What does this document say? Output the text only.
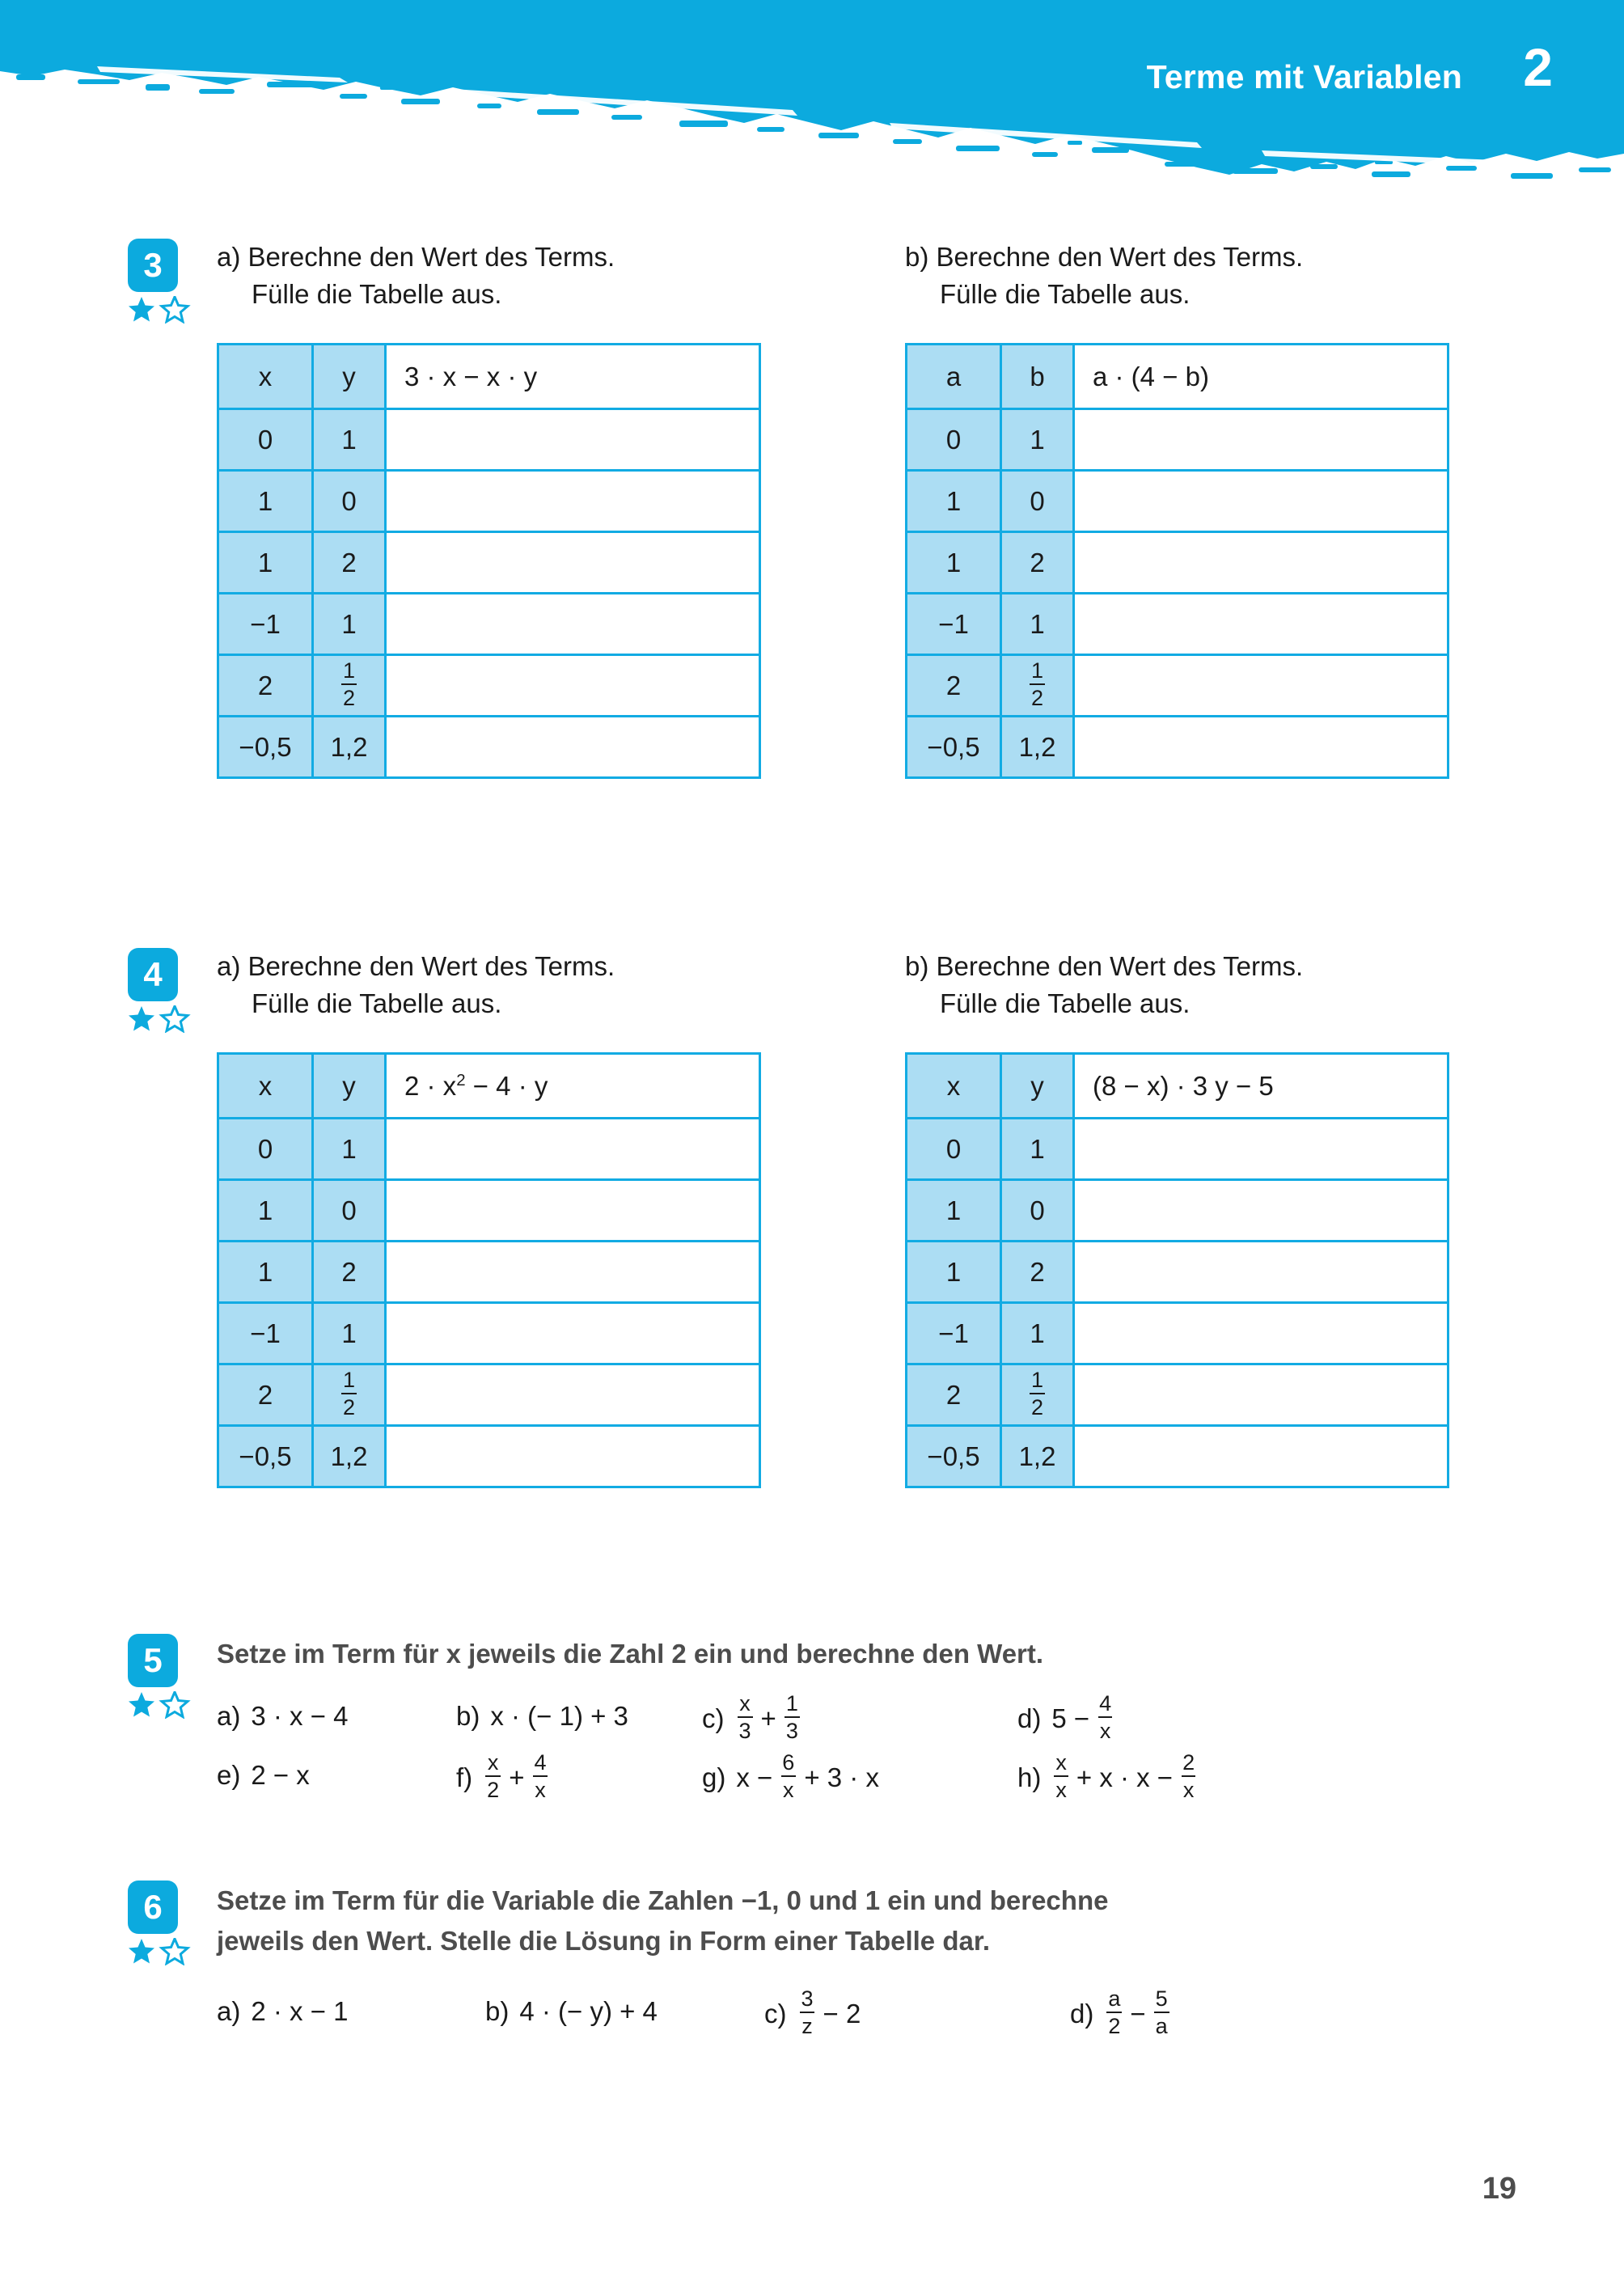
Terme mit Variablen 2
3	a) Berechne den Wert des Terms.
Fülle die Tabelle aus.
x	y	3 · x − x · y
0	1	
1	0	
1	2	
−1	1	
2	$\frac{1}{2}$

−0,5	1,2	
b) Berechne den Wert des Terms.
Fülle die Tabelle aus.
a	b	a · (4 − b)
0	1	
1	0	
1	2	
−1	1	
2	$\frac{1}{2}$

−0,5	1,2	
4	a) Berechne den Wert des Terms.
Fülle die Tabelle aus.
x	y	$2 \cdot x^2 - 4 \cdot y$
0	1	
1	0	
1	2	
−1	1	
2	$\frac{1}{2}$

−0,5	1,2	
b) Berechne den Wert des Terms.
Fülle die Tabelle aus.
x	y	(8 − x) · 3 y − 5
0	1	
1	0	
1	2	
−1	1	
2	$\frac{1}{2}$

−0,5	1,2	
5	Setze im Term für x jeweils die Zahl 2 ein und berechne den Wert.
a) 3 · x − 4	b) x · (− 1) + 3	$c) \frac{x}{3} + \frac{1}{3}$	d) $5 - \frac{4}{x}$
e) 2 − x	$f) \frac{x}{2} + \frac{4}{x}$	g) $x - \frac{6}{x} + 3 \cdot x$	$h) \frac{x}{x} + x \cdot x - \frac{2}{x}$
6	Setze im Term für die Variable die Zahlen −1, 0 und 1 ein und berechne
jeweils den Wert. Stelle die Lösung in Form einer Tabelle dar.
a) 2 · x − 1	b) 4 · (− y) + 4	$c) \frac{3}{z} - 2$	$d) \frac{a}{2} - \frac{5}{a}$
19
